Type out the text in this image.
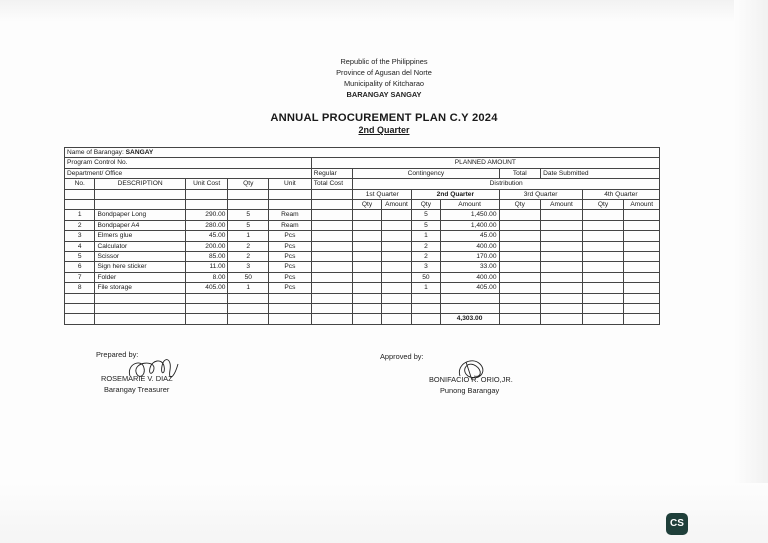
Republic of the Philippines
Province of Agusan del Norte
Municipality of Kitcharao
BARANGAY SANGAY
ANNUAL PROCUREMENT PLAN C.Y 2024
2nd Quarter
Name of Barangay: SANGAY													
Program Control No.					PLANNED AMOUNT								
Department/ Office					Regular	Contingency				Total	Date Submitted		
No.	DESCRIPTION	Unit Cost	Qty	Unit	Total Cost	Distribution							
						1st Quarter		2nd Quarter		3rd Quarter		4th Quarter	
						Qty	Amount	Qty	Amount	Qty	Amount	Qty	Amount
1	Bondpaper Long	290.00	5	Ream				5	1,450.00				
2	Bondpaper A4	280.00	5	Ream				5	1,400.00				
3	Elmers glue	45.00	1	Pcs				1	45.00				
4	Calculator	200.00	2	Pcs				2	400.00				
5	Scissor	85.00	2	Pcs				2	170.00				
6	Sign here sticker	11.00	3	Pcs				3	33.00				
7	Folder	8.00	50	Pcs				50	400.00				
8	File storage	405.00	1	Pcs				1	405.00				

									4,303.00				
Prepared by:
ROSEMARIE V. DIAZ
Barangay Treasurer
Approved by:
BONIFACIO R. ORIO,JR.
Punong Barangay
CS
